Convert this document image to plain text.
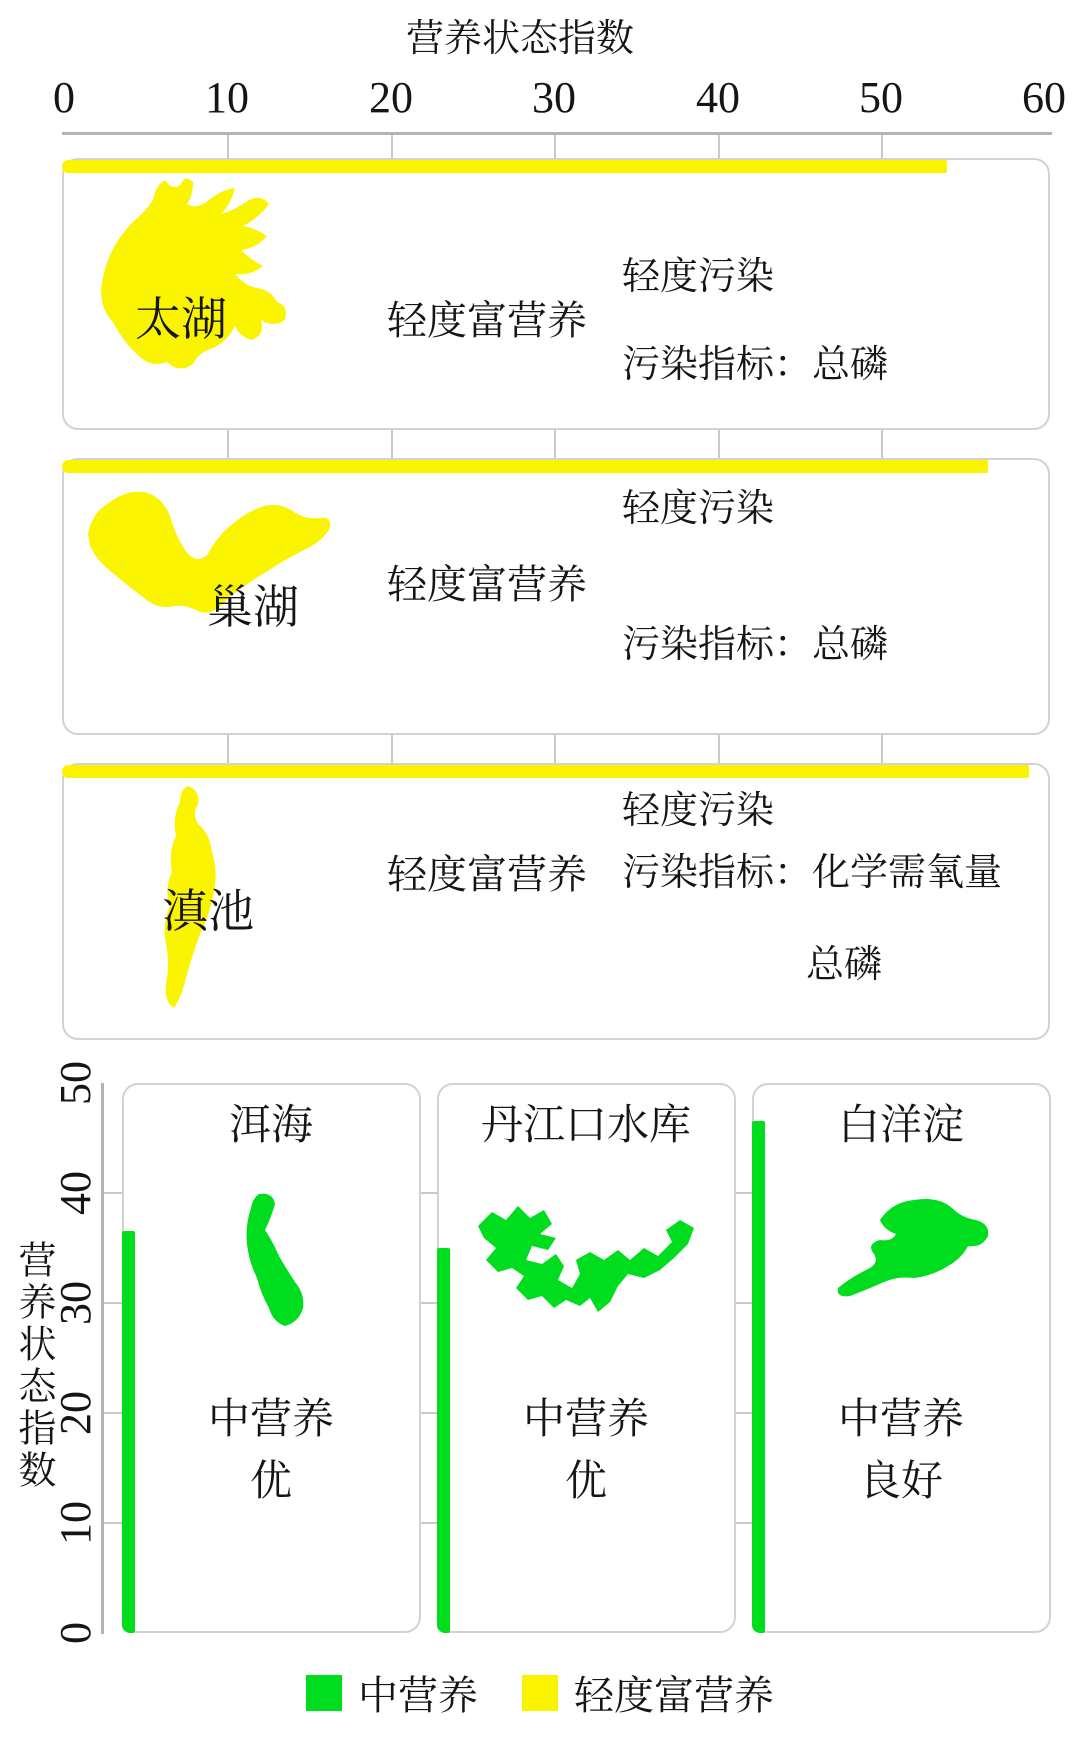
营养状态指数
0	10	20	30	40	50	60
太湖	轻度富营养
轻度污染
污染指标：总磷
巢湖	轻度富营养
轻度污染
污染指标：总磷
滇池
轻度富营养
轻度污染
污染指标：化学需氧量
总磷
营养状态指数
50
40
30
20
10
0
洱海
中营养
优
丹江口水库
中营养
优
白洋淀
中营养
良好
中营养 轻度富营养
